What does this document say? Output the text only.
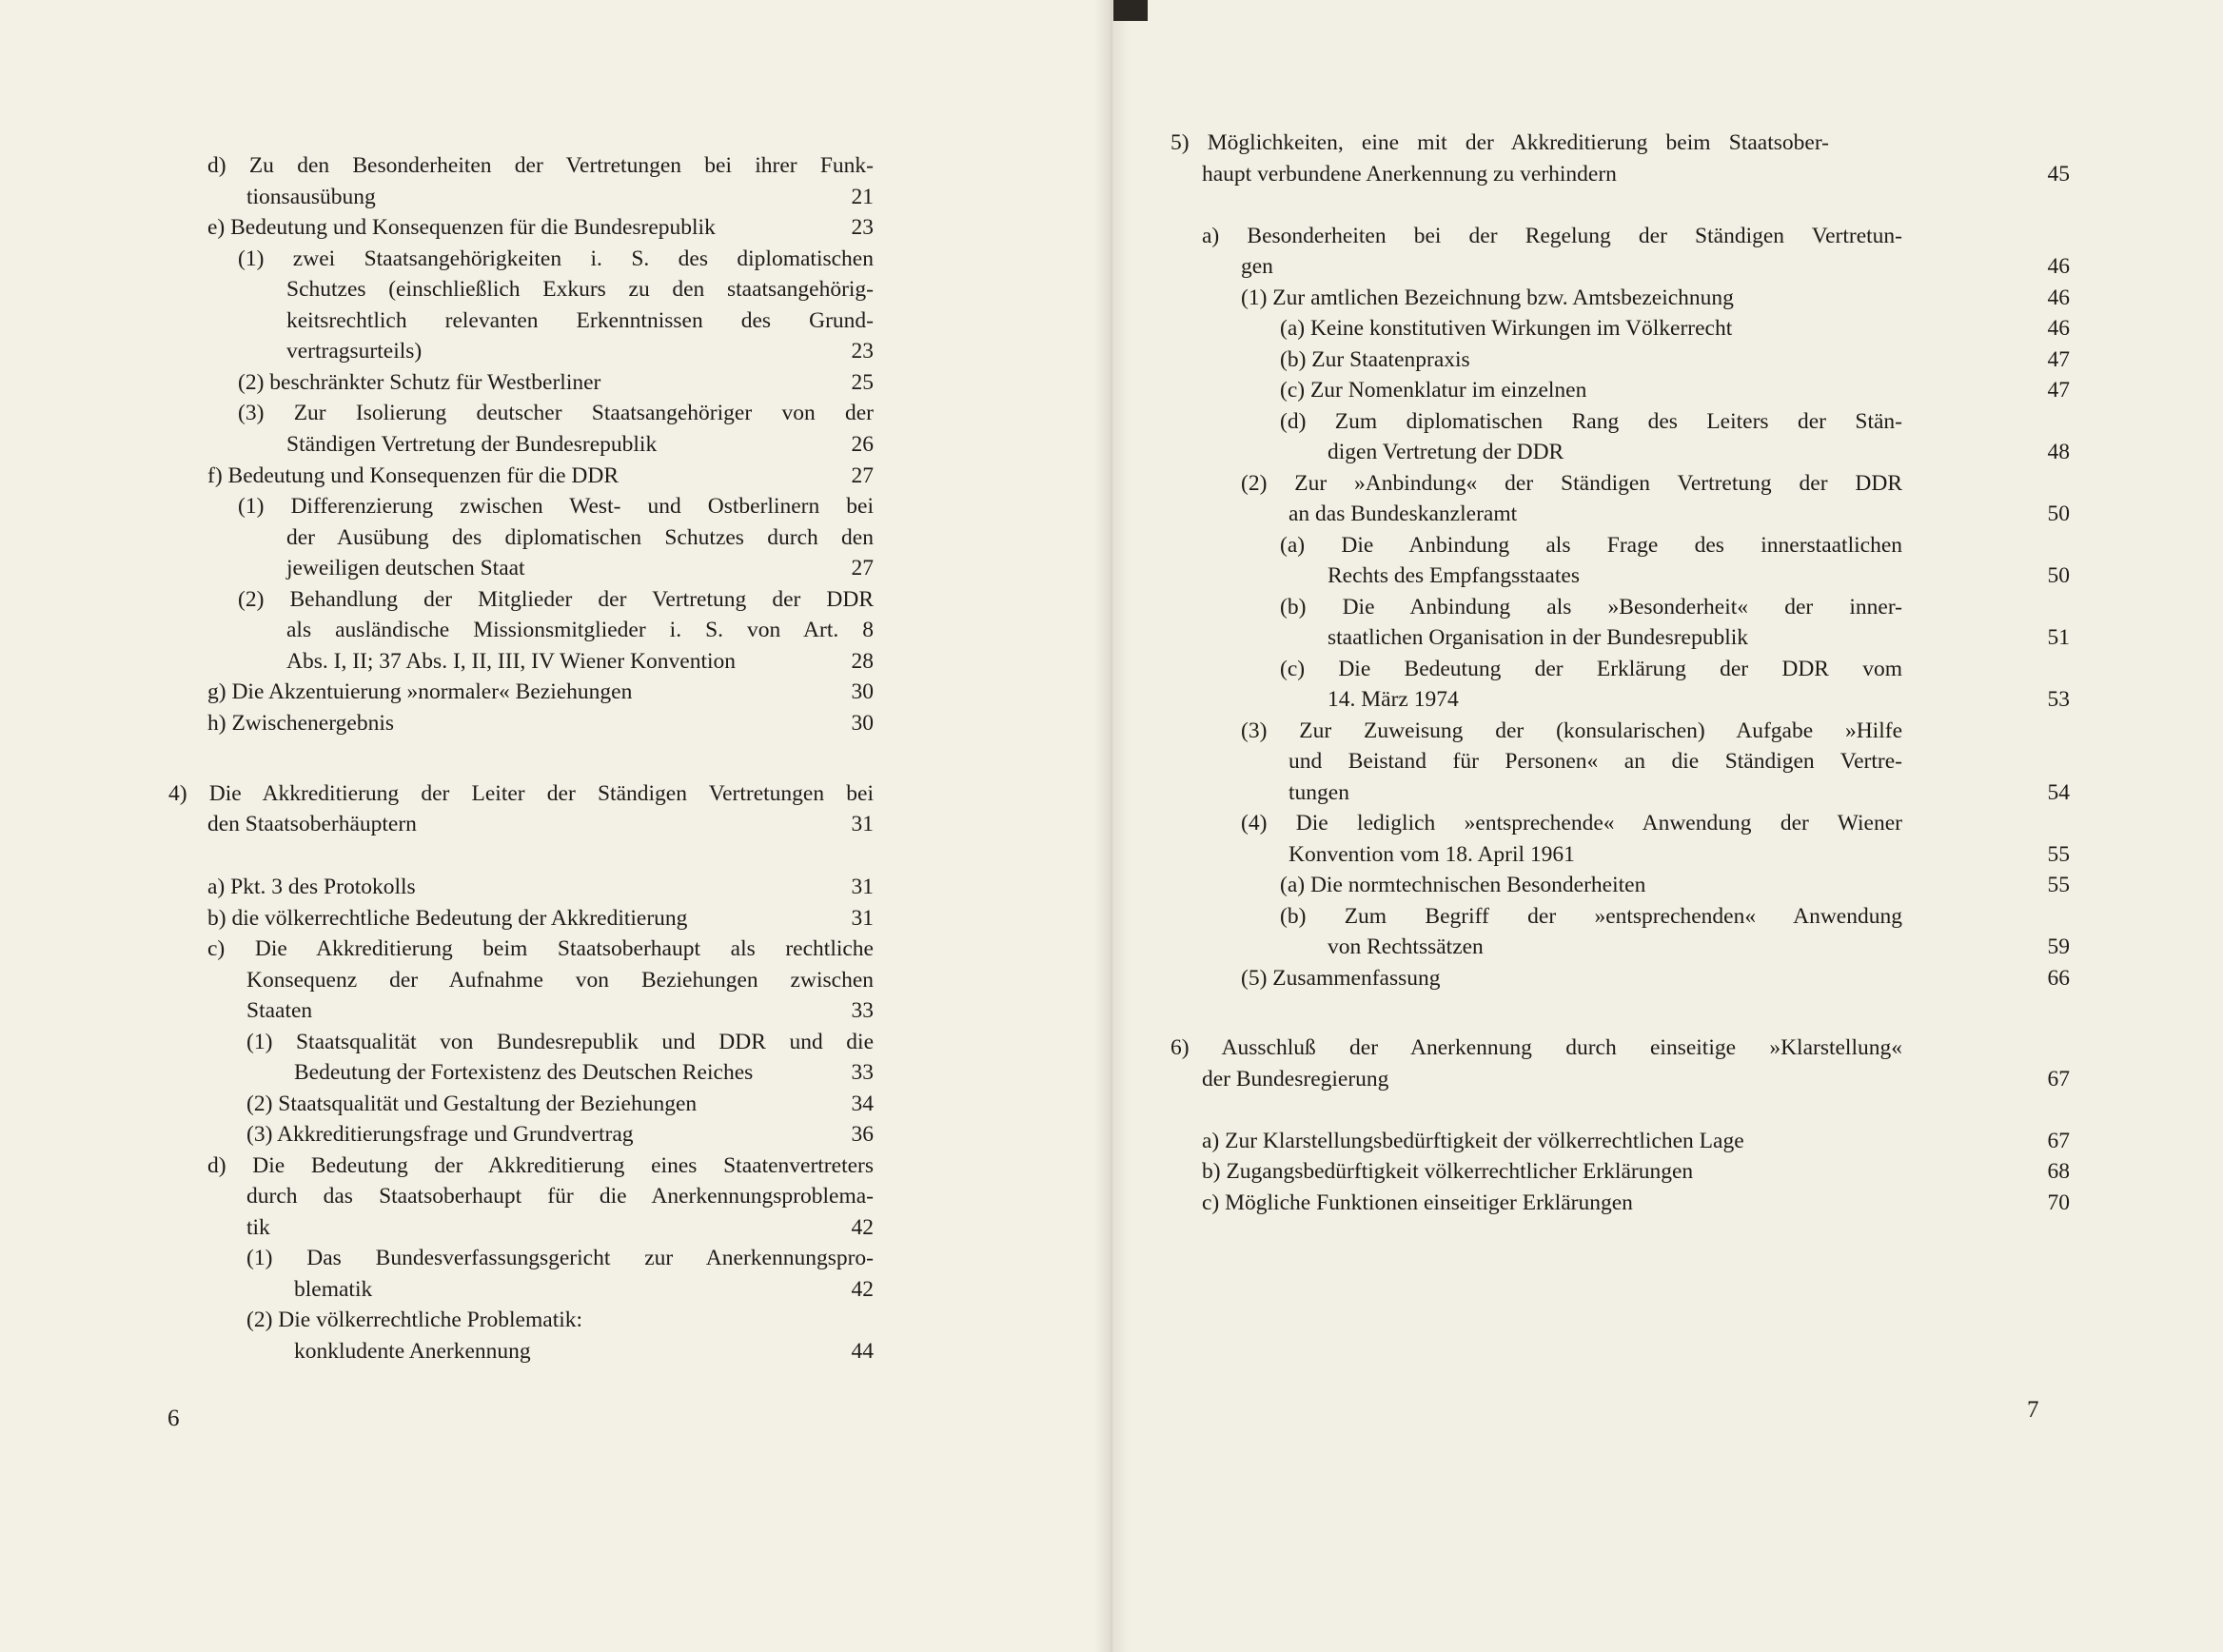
d) Zu den Besonderheiten der Vertretungen bei ihrer Funk-
tionsausübung	21
e) Bedeutung und Konsequenzen für die Bundesrepublik	23
(1) zwei Staatsangehörigkeiten i. S. des diplomatischen
Schutzes (einschließlich Exkurs zu den staatsangehörig-
keitsrechtlich relevanten Erkenntnissen des Grund-
vertragsurteils)	23
(2) beschränkter Schutz für Westberliner	25
(3) Zur Isolierung deutscher Staatsangehöriger von der
Ständigen Vertretung der Bundesrepublik	26
f) Bedeutung und Konsequenzen für die DDR	27
(1) Differenzierung zwischen West- und Ostberlinern bei
der Ausübung des diplomatischen Schutzes durch den
jeweiligen deutschen Staat	27
(2) Behandlung der Mitglieder der Vertretung der DDR
als ausländische Missionsmitglieder i. S. von Art. 8
Abs. I, II; 37 Abs. I, II, III, IV Wiener Konvention	28
g) Die Akzentuierung »normaler« Beziehungen	30
h) Zwischenergebnis	30
4) Die Akkreditierung der Leiter der Ständigen Vertretungen bei
den Staatsoberhäuptern	31
a) Pkt. 3 des Protokolls	31
b) die völkerrechtliche Bedeutung der Akkreditierung	31
c) Die Akkreditierung beim Staatsoberhaupt als rechtliche
Konsequenz der Aufnahme von Beziehungen zwischen
Staaten	33
(1) Staatsqualität von Bundesrepublik und DDR und die
Bedeutung der Fortexistenz des Deutschen Reiches	33
(2) Staatsqualität und Gestaltung der Beziehungen	34
(3) Akkreditierungsfrage und Grundvertrag	36
d) Die Bedeutung der Akkreditierung eines Staatenvertreters
durch das Staatsoberhaupt für die Anerkennungsproblema-
tik	42
(1) Das Bundesverfassungsgericht zur Anerkennungspro-
blematik	42
(2) Die völkerrechtliche Problematik:
konkludente Anerkennung	44
6
5) Möglichkeiten, eine mit der Akkreditierung beim Staatsober-
haupt verbundene Anerkennung zu verhindern	45
a) Besonderheiten bei der Regelung der Ständigen Vertretun-
gen	46
(1) Zur amtlichen Bezeichnung bzw. Amtsbezeichnung	46
(a) Keine konstitutiven Wirkungen im Völkerrecht	46
(b) Zur Staatenpraxis	47
(c) Zur Nomenklatur im einzelnen	47
(d) Zum diplomatischen Rang des Leiters der Stän-
digen Vertretung der DDR	48
(2) Zur »Anbindung« der Ständigen Vertretung der DDR
an das Bundeskanzleramt	50
(a) Die Anbindung als Frage des innerstaatlichen
Rechts des Empfangsstaates	50
(b) Die Anbindung als »Besonderheit« der inner-
staatlichen Organisation in der Bundesrepublik	51
(c) Die Bedeutung der Erklärung der DDR vom
14. März 1974	53
(3) Zur Zuweisung der (konsularischen) Aufgabe »Hilfe
und Beistand für Personen« an die Ständigen Vertre-
tungen	54
(4) Die lediglich »entsprechende« Anwendung der Wiener
Konvention vom 18. April 1961	55
(a) Die normtechnischen Besonderheiten	55
(b) Zum Begriff der »entsprechenden« Anwendung
von Rechtssätzen	59
(5) Zusammenfassung	66
6) Ausschluß der Anerkennung durch einseitige »Klarstellung«
der Bundesregierung	67
a) Zur Klarstellungsbedürftigkeit der völkerrechtlichen Lage	67
b) Zugangsbedürftigkeit völkerrechtlicher Erklärungen	68
c) Mögliche Funktionen einseitiger Erklärungen	70
7
